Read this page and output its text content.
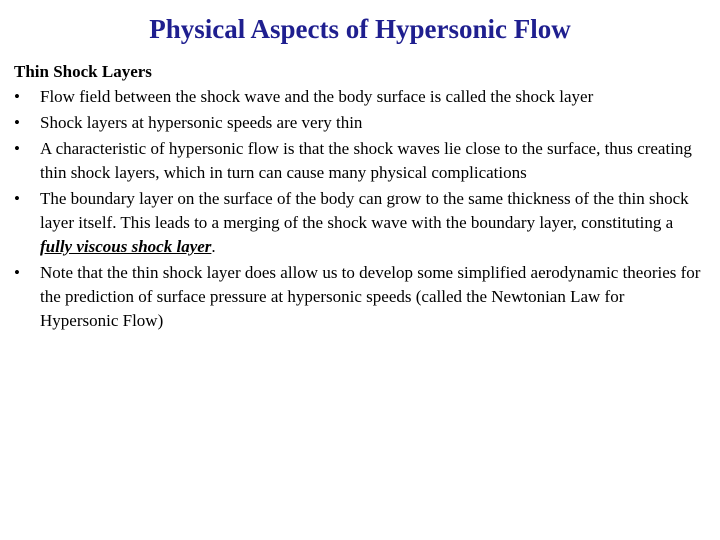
Physical Aspects of Hypersonic Flow
Thin Shock Layers
•	Flow field between the shock wave and the body surface is called the shock layer
•	Shock layers at hypersonic speeds are very thin
•	A characteristic of hypersonic flow is that the shock waves lie close to the surface, thus creating thin shock layers, which in turn can cause many physical complications
•	The boundary layer on the surface of the body can grow to the same thickness of the thin shock layer itself. This leads to a merging of the shock wave with the boundary layer, constituting a fully viscous shock layer.
•	Note that the thin shock layer does allow us to develop some simplified aerodynamic theories for the prediction of surface pressure at hypersonic speeds (called the Newtonian Law for Hypersonic Flow)
